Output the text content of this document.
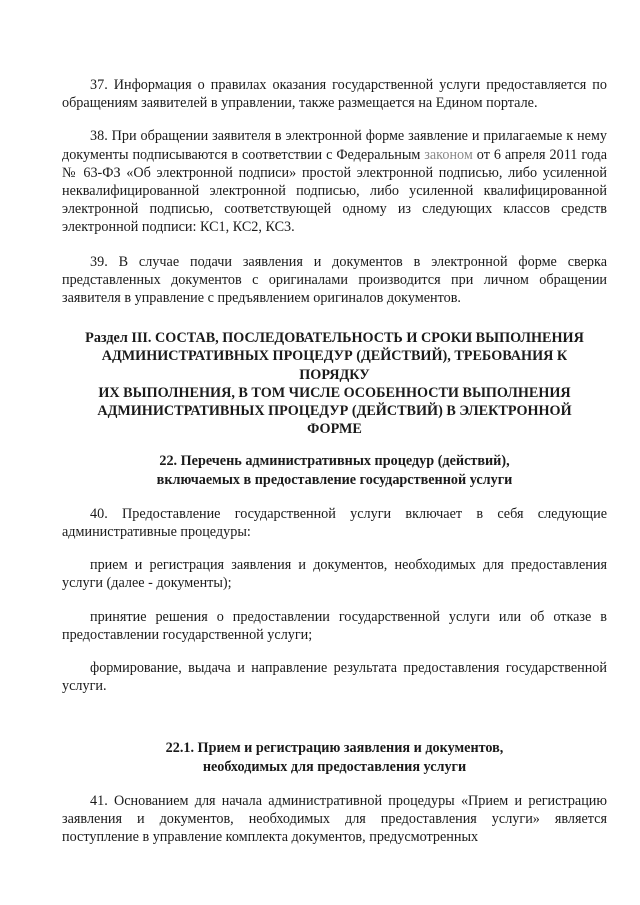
37. Информация о правилах оказания государственной услуги предоставляется по обращениям заявителей в управлении, также размещается на Едином портале.

38. При обращении заявителя в электронной форме заявление и прилагаемые к нему документы подписываются в соответствии с Федеральным законом от 6 апреля 2011 года № 63-ФЗ «Об электронной подписи» простой электронной подписью, либо усиленной неквалифицированной электронной подписью, либо усиленной квалифицированной электронной подписью, соответствующей одному из следующих классов средств электронной подписи: КС1, КС2, КС3.

39. В случае подачи заявления и документов в электронной форме сверка представленных документов с оригиналами производится при личном обращении заявителя в управление с предъявлением оригиналов документов.

Раздел III. СОСТАВ, ПОСЛЕДОВАТЕЛЬНОСТЬ И СРОКИ ВЫПОЛНЕНИЯ
АДМИНИСТРАТИВНЫХ ПРОЦЕДУР (ДЕЙСТВИЙ), ТРЕБОВАНИЯ К
ПОРЯДКУ
ИХ ВЫПОЛНЕНИЯ, В ТОМ ЧИСЛЕ ОСОБЕННОСТИ ВЫПОЛНЕНИЯ
АДМИНИСТРАТИВНЫХ ПРОЦЕДУР (ДЕЙСТВИЙ) В ЭЛЕКТРОННОЙ
ФОРМЕ
22. Перечень административных процедур (действий),
включаемых в предоставление государственной услуги

40. Предоставление государственной услуги включает в себя следующие административные процедуры:

прием и регистрация заявления и документов, необходимых для предоставления услуги (далее - документы);

принятие решения о предоставлении государственной услуги или об отказе в предоставлении государственной услуги;

формирование, выдача и направление результата предоставления государственной услуги.

22.1. Прием и регистрацию заявления и документов,
необходимых для предоставления услуги

41. Основанием для начала административной процедуры «Прием и регистрацию заявления и документов, необходимых для предоставления услуги» является поступление в управление комплекта документов, предусмотренных
